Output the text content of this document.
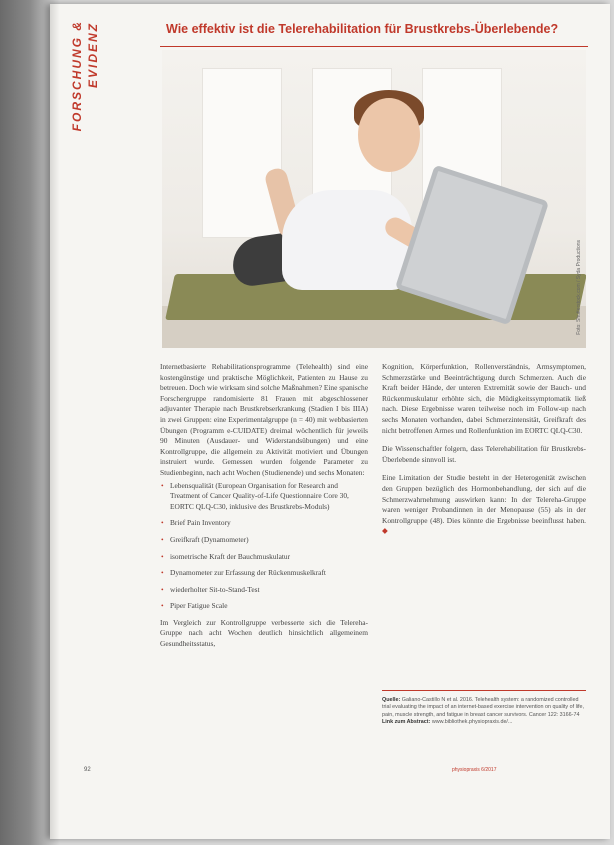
FORSCHUNG & EVIDENZ	Wie effektiv ist die Telerehabilitation für Brustkrebs-Überlebende?
Foto: Shutterstock.com / Syda Productions

Internetbasierte Rehabilitationsprogramme (Telehealth) sind eine kostengünstige und praktische Möglichkeit, Patienten zu Hause zu betreuen. Doch wie wirksam sind solche Maßnahmen? Eine spanische Forschergruppe randomisierte 81 Frauen mit abgeschlossener adjuvanter Therapie nach Brustkrebserkrankung (Stadien I bis IIIA) in zwei Gruppen: eine Experimentalgruppe (n = 40) mit webbasierten Übungen (Programm e-CUIDATE) dreimal wöchentlich für jeweils 90 Minuten (Ausdauer- und Widerstandsübungen) und eine Kontrollgruppe, die allgemein zu Aktivität motiviert und Übungen instruiert wurde. Gemessen wurden folgende Parameter zu Studienbeginn, nach acht Wochen (Studienende) und sechs Monaten:

• Lebensqualität (European Organisation for Research and Treatment of Cancer Quality-of-Life Questionnaire Core 30, EORTC QLQ-C30, inklusive des Brustkrebs-Moduls)
• Brief Pain Inventory
• Greifkraft (Dynamometer)
• isometrische Kraft der Bauchmuskulatur
• Dynamometer zur Erfassung der Rückenmuskelkraft
• wiederholter Sit-to-Stand-Test
• Piper Fatigue Scale

Im Vergleich zur Kontrollgruppe verbesserte sich die Telereha-Gruppe nach acht Wochen deutlich hinsichtlich allgemeinem Gesundheitsstatus,

Kognition, Körperfunktion, Rollenverständnis, Armsymptomen, Schmerzstärke und Beeinträchtigung durch Schmerzen. Auch die Kraft beider Hände, der unteren Extremität sowie der Bauch- und Rückenmuskulatur erhöhte sich, die Müdigkeitssymptomatik ließ nach. Diese Ergebnisse waren teilweise noch im Follow-up nach sechs Monaten vorhanden, dabei Schmerzintensität, Greifkraft des nicht betroffenen Armes und Rollenfunktion im EORTC QLQ-C30.

Die Wissenschaftler folgern, dass Telerehabilitation für Brustkrebs-Überlebende sinnvoll ist.

Eine Limitation der Studie besteht in der Heterogenität zwischen den Gruppen bezüglich des Hormonbehandlung, der sich auf die Schmerzwahrnehmung auswirken kann: In der Telereha-Gruppe waren weniger Probandinnen in der Menopause (55) als in der Kontrollgruppe (48). Dies könnte die Ergebnisse beeinflusst haben. ◆

Quelle: Galiano-Castillo N et al. 2016. Telehealth system: a randomized controlled trial evaluating the impact of an internet-based exercise intervention on quality of life, pain, muscle strength, and fatigue in breast cancer survivors. Cancer 122: 3166-74

Link zum Abstract: www.bibliothek.physiopraxis.de/...

92	physiopraxis 6/2017
